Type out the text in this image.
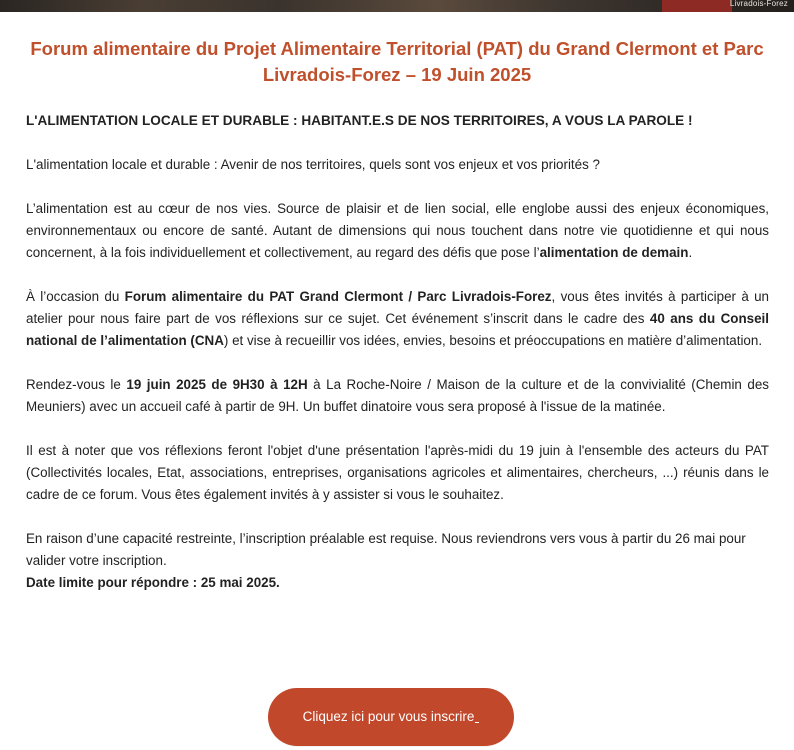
Livradois-Forez
Forum alimentaire du Projet Alimentaire Territorial (PAT) du Grand Clermont et Parc Livradois-Forez – 19 Juin 2025

L'ALIMENTATION LOCALE ET DURABLE : HABITANT.E.S DE NOS TERRITOIRES, A VOUS LA PAROLE !

L'alimentation locale et durable : Avenir de nos territoires, quels sont vos enjeux et vos priorités ?

L’alimentation est au cœur de nos vies. Source de plaisir et de lien social, elle englobe aussi des enjeux économiques, environnementaux ou encore de santé. Autant de dimensions qui nous touchent dans notre vie quotidienne et qui nous concernent, à la fois individuellement et collectivement, au regard des défis que pose l’alimentation de demain.

À l’occasion du Forum alimentaire du PAT Grand Clermont / Parc Livradois-Forez, vous êtes invités à participer à un atelier pour nous faire part de vos réflexions sur ce sujet. Cet événement s’inscrit dans le cadre des 40 ans du Conseil national de l’alimentation (CNA) et vise à recueillir vos idées, envies, besoins et préoccupations en matière d’alimentation.

Rendez-vous le 19 juin 2025 de 9H30 à 12H à La Roche-Noire / Maison de la culture et de la convivialité (Chemin des Meuniers) avec un accueil café à partir de 9H. Un buffet dinatoire vous sera proposé à l'issue de la matinée.

Il est à noter que vos réflexions feront l'objet d'une présentation l'après-midi du 19 juin à l'ensemble des acteurs du PAT (Collectivités locales, Etat, associations, entreprises, organisations agricoles et alimentaires, chercheurs, ...) réunis dans le cadre de ce forum. Vous êtes également invités à y assister si vous le souhaitez.

En raison d’une capacité restreinte, l’inscription préalable est requise. Nous reviendrons vers vous à partir du 26 mai pour valider votre inscription.

Date limite pour répondre : 25 mai 2025.

Cliquez ici pour vous inscrire
